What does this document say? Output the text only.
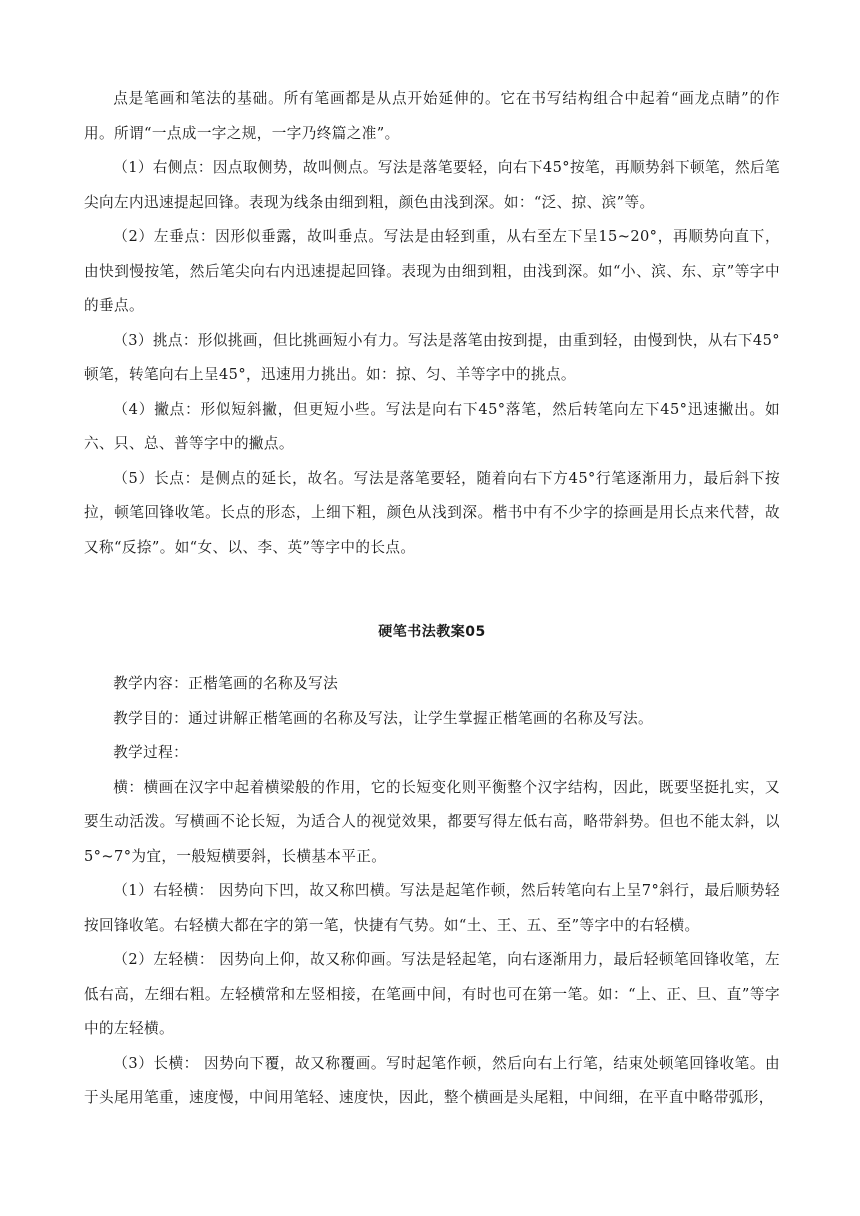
点是笔画和笔法的基础。所有笔画都是从点开始延伸的。它在书写结构组合中起着“画龙点睛”的作用。所谓“一点成一字之规，一字乃终篇之准”。

（1）右侧点：因点取侧势，故叫侧点。写法是落笔要轻，向右下45°按笔，再顺势斜下顿笔，然后笔尖向左内迅速提起回锋。表现为线条由细到粗，颜色由浅到深。如：“泛、掠、滨”等。

（2）左垂点：因形似垂露，故叫垂点。写法是由轻到重，从右至左下呈15~20°，再顺势向直下，由快到慢按笔，然后笔尖向右内迅速提起回锋。表现为由细到粗，由浅到深。如“小、滨、东、京”等字中的垂点。

（3）挑点：形似挑画，但比挑画短小有力。写法是落笔由按到提，由重到轻，由慢到快，从右下45°顿笔，转笔向右上呈45°，迅速用力挑出。如：掠、匀、羊等字中的挑点。

（4）撇点：形似短斜撇，但更短小些。写法是向右下45°落笔，然后转笔向左下45°迅速撇出。如六、只、总、普等字中的撇点。

（5）长点：是侧点的延长，故名。写法是落笔要轻，随着向右下方45°行笔逐渐用力，最后斜下按拉，顿笔回锋收笔。长点的形态，上细下粗，颜色从浅到深。楷书中有不少字的捺画是用长点来代替，故又称“反捺”。如“女、以、李、英”等字中的长点。

硬笔书法教案05

教学内容：正楷笔画的名称及写法

教学目的：通过讲解正楷笔画的名称及写法，让学生掌握正楷笔画的名称及写法。

教学过程：

横：横画在汉字中起着横梁般的作用，它的长短变化则平衡整个汉字结构，因此，既要坚挺扎实，又要生动活泼。写横画不论长短，为适合人的视觉效果，都要写得左低右高，略带斜势。但也不能太斜，以5°~7°为宜，一般短横要斜，长横基本平正。

（1）右轻横： 因势向下凹，故又称凹横。写法是起笔作顿，然后转笔向右上呈7°斜行，最后顺势轻按回锋收笔。右轻横大都在字的第一笔，快捷有气势。如“土、王、五、至”等字中的右轻横。

（2）左轻横： 因势向上仰，故又称仰画。写法是轻起笔，向右逐渐用力，最后轻顿笔回锋收笔，左低右高，左细右粗。左轻横常和左竖相接，在笔画中间，有时也可在第一笔。如：“上、正、旦、直”等字中的左轻横。

（3）长横： 因势向下覆，故又称覆画。写时起笔作顿，然后向右上行笔，结束处顿笔回锋收笔。由于头尾用笔重，速度慢，中间用笔轻、速度快，因此，整个横画是头尾粗，中间细，在平直中略带弧形，
